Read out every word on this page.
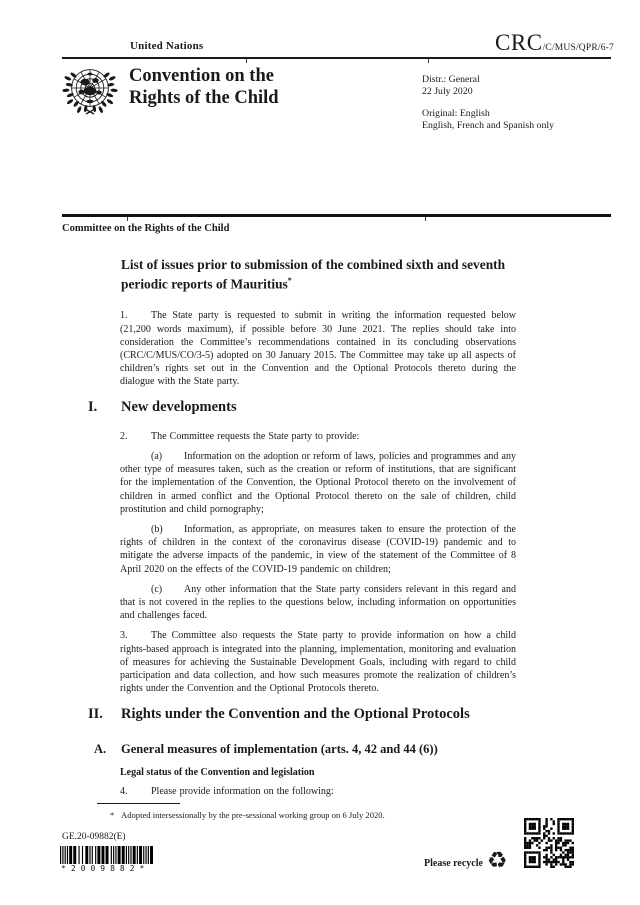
United Nations	CRC /C/MUS/QPR/6-7
Convention on the Rights of the Child
Distr.: General
22 July 2020
Original: English
English, French and Spanish only
Committee on the Rights of the Child
List of issues prior to submission of the combined sixth and seventh periodic reports of Mauritius*

1. The State party is requested to submit in writing the information requested below (21,200 words maximum), if possible before 30 June 2021. The replies should take into consideration the Committee’s recommendations contained in its concluding observations (CRC/C/MUS/CO/3-5) adopted on 30 January 2015. The Committee may take up all aspects of children’s rights set out in the Convention and the Optional Protocols thereto during the dialogue with the State party.

I.	New developments

2. The Committee requests the State party to provide:

(a) Information on the adoption or reform of laws, policies and programmes and any other type of measures taken, such as the creation or reform of institutions, that are significant for the implementation of the Convention, the Optional Protocol thereto on the involvement of children in armed conflict and the Optional Protocol thereto on the sale of children, child prostitution and child pornography;

(b) Information, as appropriate, on measures taken to ensure the protection of the rights of children in the context of the coronavirus disease (COVID-19) pandemic and to mitigate the adverse impacts of the pandemic, in view of the statement of the Committee of 8 April 2020 on the effects of the COVID-19 pandemic on children;

(c) Any other information that the State party considers relevant in this regard and that is not covered in the replies to the questions below, including information on opportunities and challenges faced.

3. The Committee also requests the State party to provide information on how a child rights-based approach is integrated into the planning, implementation, monitoring and evaluation of measures for achieving the Sustainable Development Goals, including with regard to child participation and data collection, and how such measures promote the realization of children’s rights under the Convention and the Optional Protocols thereto.

II.	Rights under the Convention and the Optional Protocols
A.	General measures of implementation (arts. 4, 42 and 44 (6))
Legal status of the Convention and legislation

4. Please provide information on the following:

* Adopted intersessionally by the pre-sessional working group on 6 July 2020.
GE.20-09882(E)
*2009882*	Please recycle ♻
